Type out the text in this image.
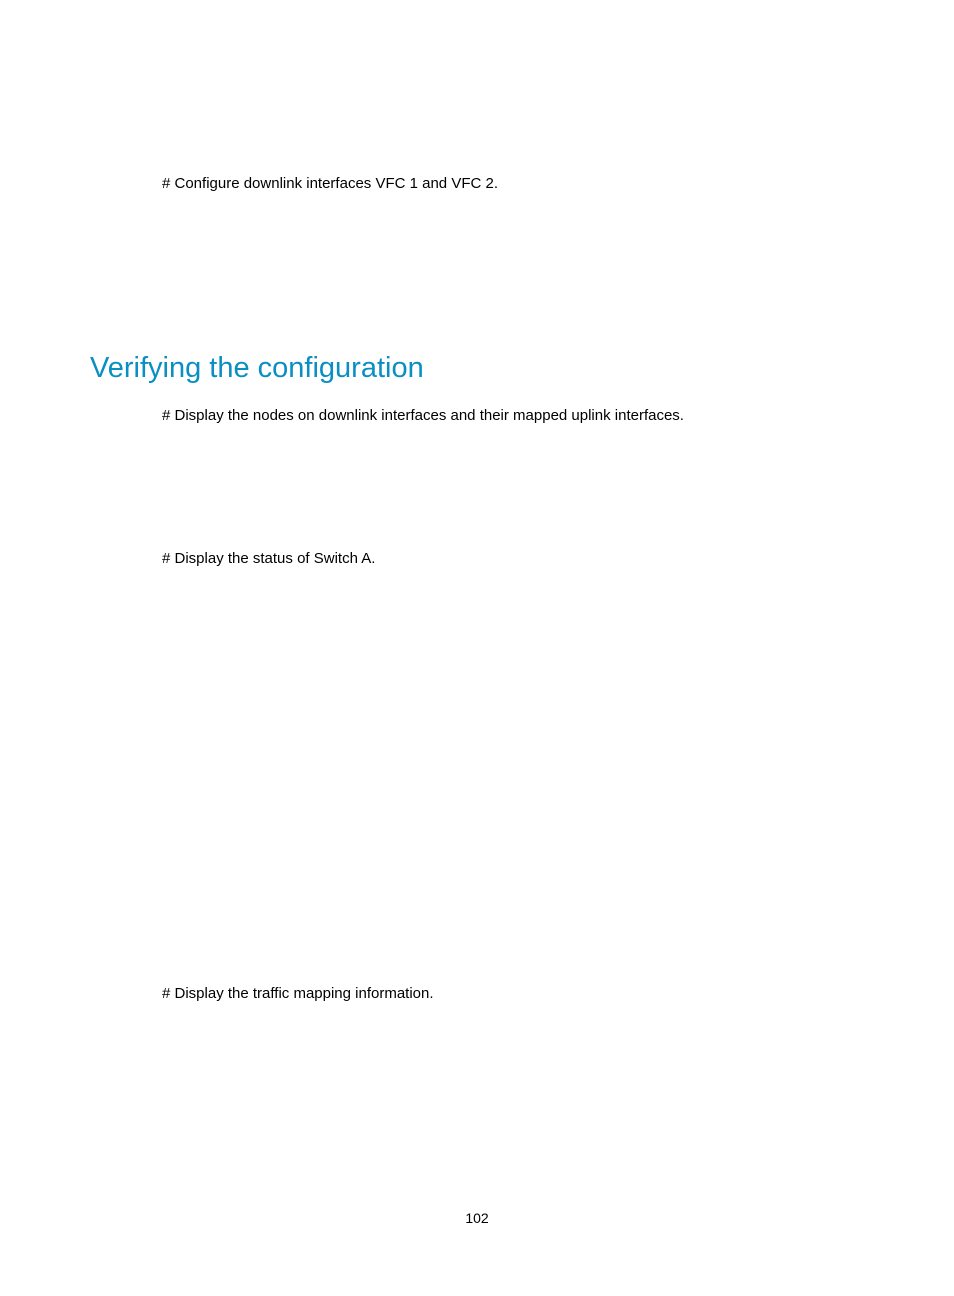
# Configure downlink interfaces VFC 1 and VFC 2.

Verifying the configuration

# Display the nodes on downlink interfaces and their mapped uplink interfaces.

# Display the status of Switch A.

# Display the traffic mapping information.

102
